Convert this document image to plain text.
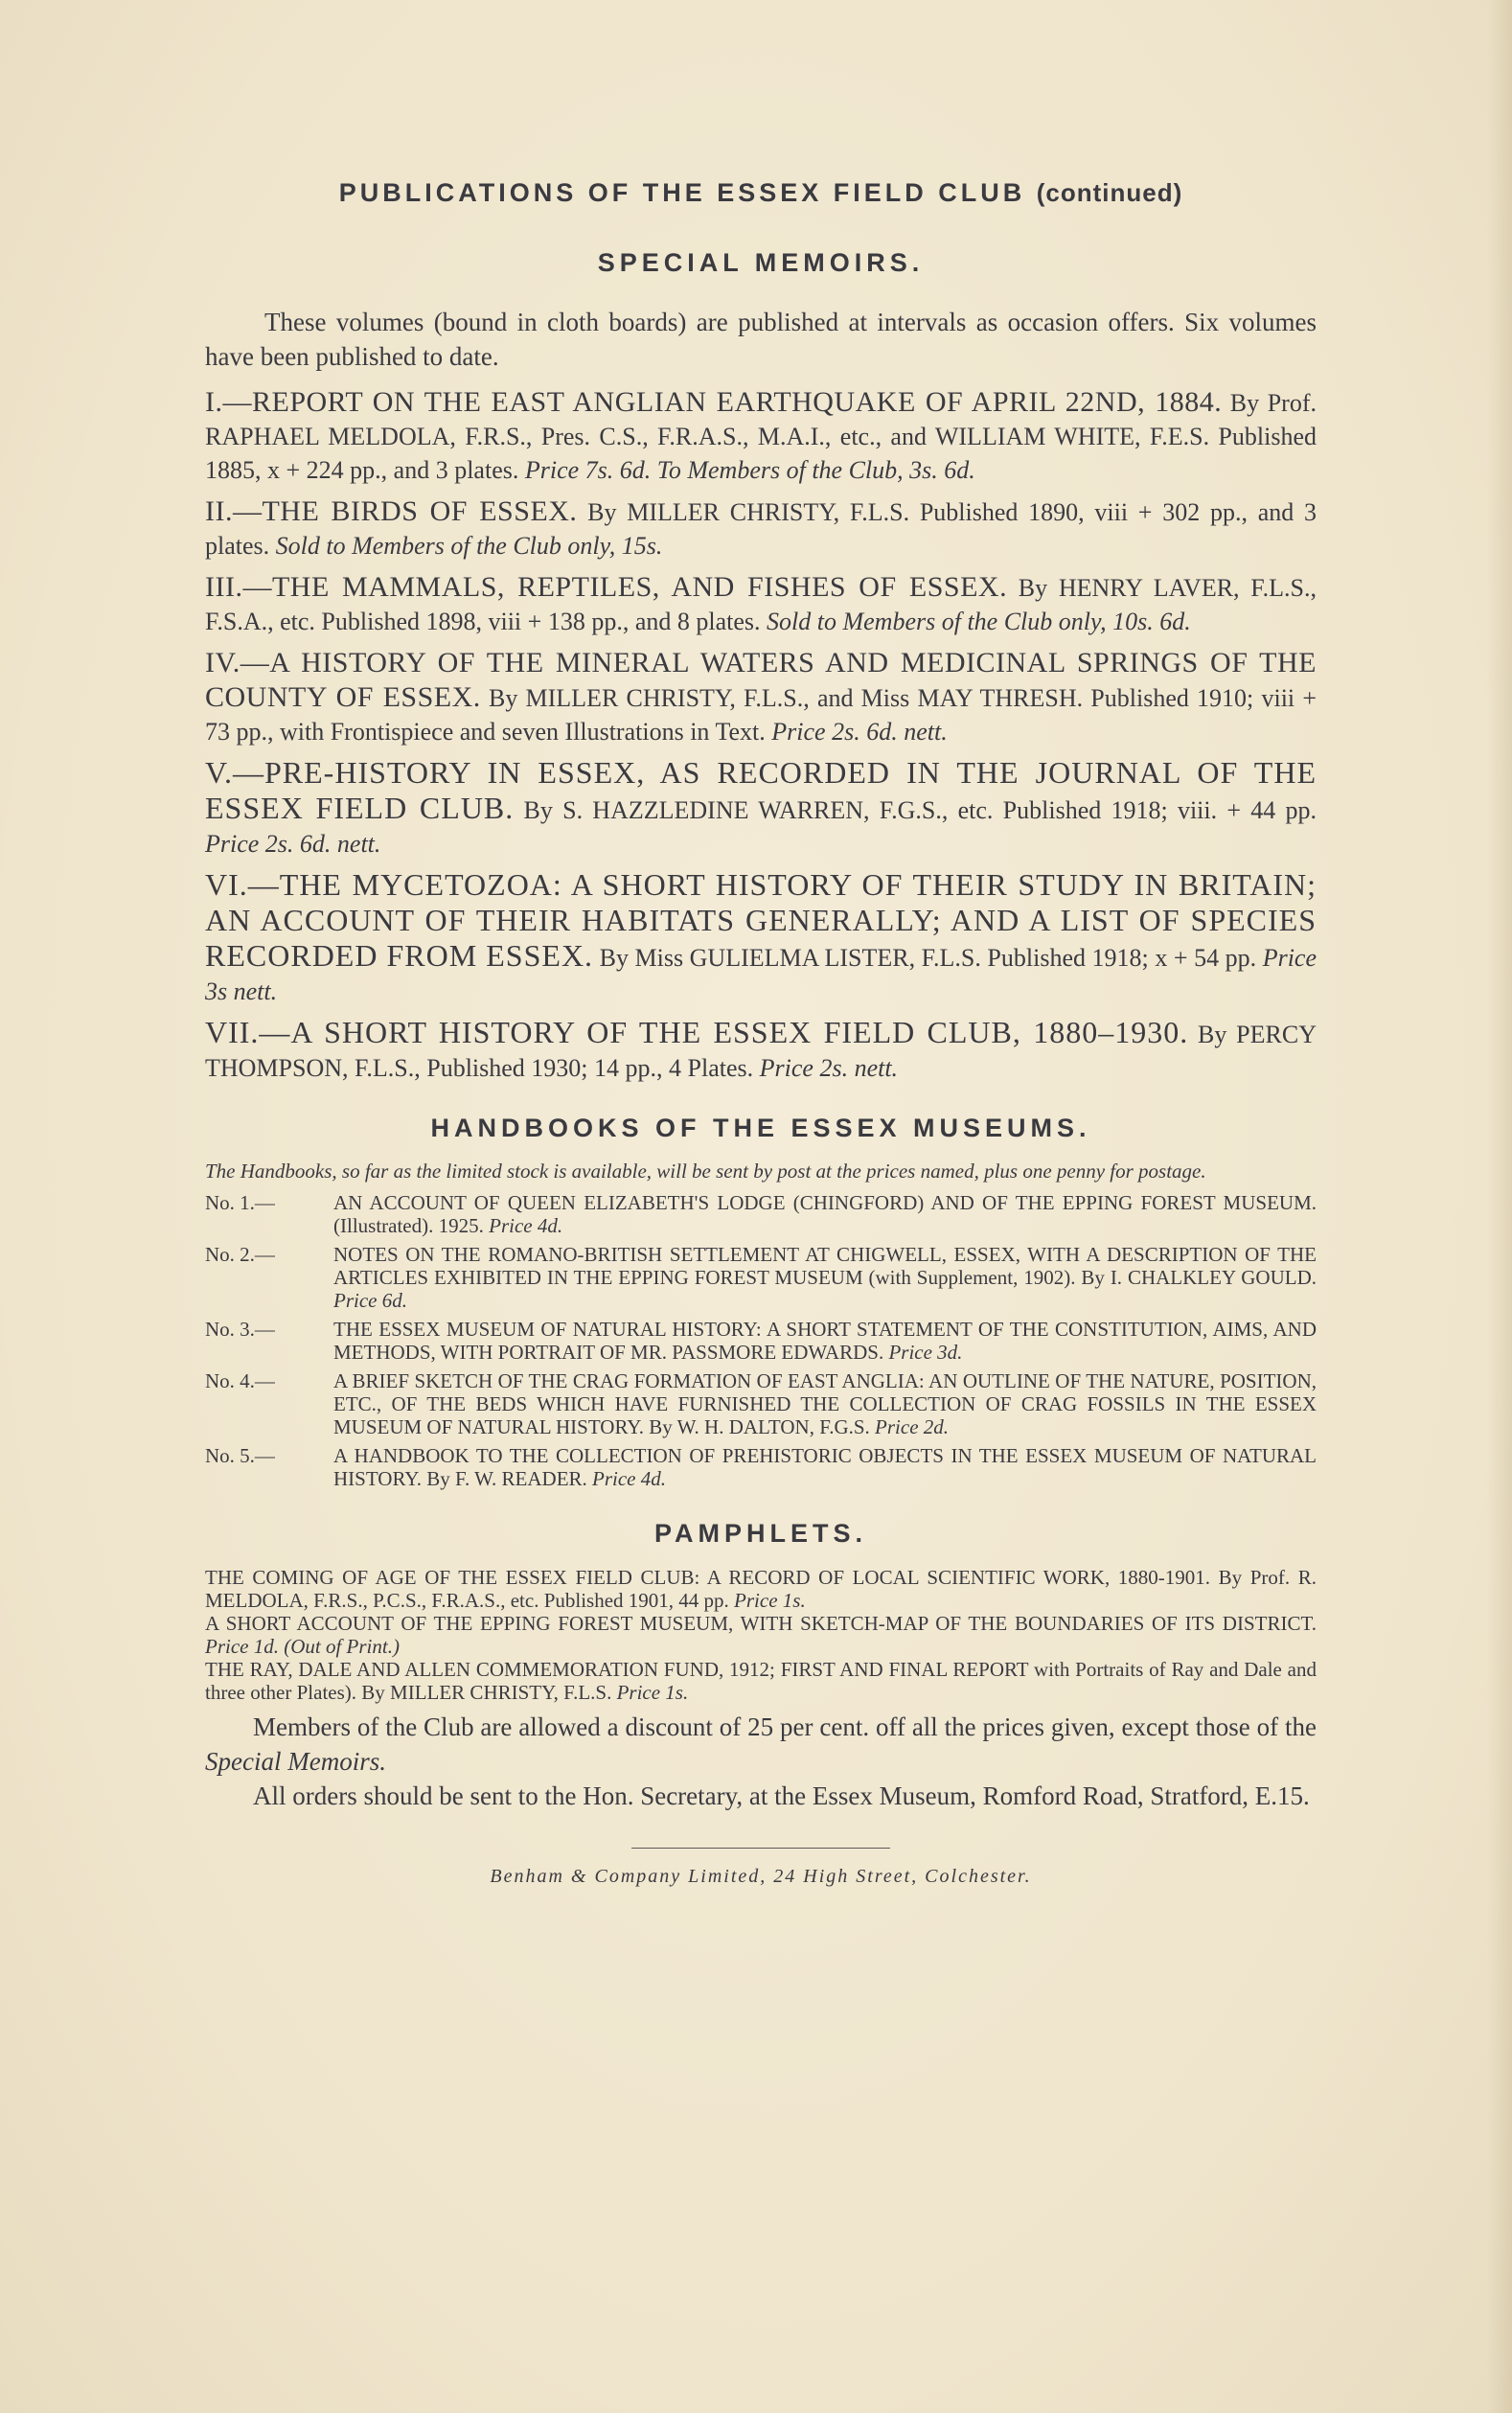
PUBLICATIONS OF THE ESSEX FIELD CLUB (continued)
SPECIAL MEMOIRS.

These volumes (bound in cloth boards) are published at intervals as occasion offers. Six volumes have been published to date.

I.—REPORT ON THE EAST ANGLIAN EARTHQUAKE OF APRIL 22ND, 1884. By Prof. RAPHAEL MELDOLA, F.R.S., Pres. C.S., F.R.A.S., M.A.I., etc., and WILLIAM WHITE, F.E.S. Published 1885, x + 224 pp., and 3 plates. Price 7s. 6d. To Members of the Club, 3s. 6d.

II.—THE BIRDS OF ESSEX. By MILLER CHRISTY, F.L.S. Published 1890, viii + 302 pp., and 3 plates. Sold to Members of the Club only, 15s.

III.—THE MAMMALS, REPTILES, AND FISHES OF ESSEX. By HENRY LAVER, F.L.S., F.S.A., etc. Published 1898, viii + 138 pp., and 8 plates. Sold to Members of the Club only, 10s. 6d.

IV.—A HISTORY OF THE MINERAL WATERS AND MEDICINAL SPRINGS OF THE COUNTY OF ESSEX. By MILLER CHRISTY, F.L.S., and Miss MAY THRESH. Published 1910; viii + 73 pp., with Frontispiece and seven Illustrations in Text. Price 2s. 6d. nett.

V.—PRE-HISTORY IN ESSEX, AS RECORDED IN THE JOURNAL OF THE ESSEX FIELD CLUB. By S. HAZZLEDINE WARREN, F.G.S., etc. Published 1918; viii. + 44 pp. Price 2s. 6d. nett.

VI.—THE MYCETOZOA: A SHORT HISTORY OF THEIR STUDY IN BRITAIN; AN ACCOUNT OF THEIR HABITATS GENERALLY; AND A LIST OF SPECIES RECORDED FROM ESSEX. By Miss GULIELMA LISTER, F.L.S. Published 1918; x + 54 pp. Price 3s nett.

VII.—A SHORT HISTORY OF THE ESSEX FIELD CLUB, 1880–1930. By PERCY THOMPSON, F.L.S., Published 1930; 14 pp., 4 Plates. Price 2s. nett.

HANDBOOKS OF THE ESSEX MUSEUMS.

The Handbooks, so far as the limited stock is available, will be sent by post at the prices named, plus one penny for postage.

No. 1.—	AN ACCOUNT OF QUEEN ELIZABETH'S LODGE (CHINGFORD) AND OF THE EPPING FOREST MUSEUM. (Illustrated). 1925. Price 4d.

No. 2.—	NOTES ON THE ROMANO-BRITISH SETTLEMENT AT CHIGWELL, ESSEX, WITH A DESCRIPTION OF THE ARTICLES EXHIBITED IN THE EPPING FOREST MUSEUM (with Supplement, 1902). By I. CHALKLEY GOULD. Price 6d.

No. 3.—	THE ESSEX MUSEUM OF NATURAL HISTORY: A SHORT STATEMENT OF THE CONSTITUTION, AIMS, AND METHODS, WITH PORTRAIT OF MR. PASSMORE EDWARDS. Price 3d.

No. 4.—	A BRIEF SKETCH OF THE CRAG FORMATION OF EAST ANGLIA: AN OUTLINE OF THE NATURE, POSITION, ETC., OF THE BEDS WHICH HAVE FURNISHED THE COLLECTION OF CRAG FOSSILS IN THE ESSEX MUSEUM OF NATURAL HISTORY. By W. H. DALTON, F.G.S. Price 2d.

No. 5.—	A HANDBOOK TO THE COLLECTION OF PREHISTORIC OBJECTS IN THE ESSEX MUSEUM OF NATURAL HISTORY. By F. W. READER. Price 4d.

PAMPHLETS.

THE COMING OF AGE OF THE ESSEX FIELD CLUB: A RECORD OF LOCAL SCIENTIFIC WORK, 1880-1901. By Prof. R. MELDOLA, F.R.S., P.C.S., F.R.A.S., etc. Published 1901, 44 pp. Price 1s.

A SHORT ACCOUNT OF THE EPPING FOREST MUSEUM, WITH SKETCH-MAP OF THE BOUNDARIES OF ITS DISTRICT. Price 1d. (Out of Print.)

THE RAY, DALE AND ALLEN COMMEMORATION FUND, 1912; FIRST AND FINAL REPORT with Portraits of Ray and Dale and three other Plates). By MILLER CHRISTY, F.L.S. Price 1s.

Members of the Club are allowed a discount of 25 per cent. off all the prices given, except those of the Special Memoirs.

All orders should be sent to the Hon. Secretary, at the Essex Museum, Romford Road, Stratford, E.15.

Benham & Company Limited, 24 High Street, Colchester.
